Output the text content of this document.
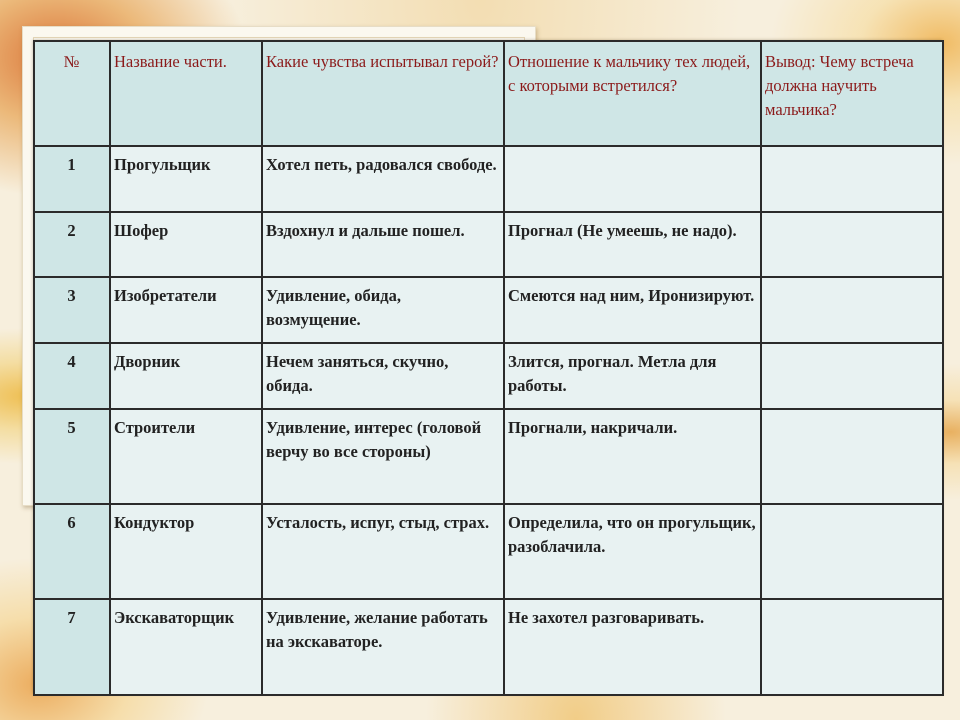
№	Название части.	Какие чувства испытывал герой?	Отношение к мальчику тех людей, с которыми встретился?	Вывод: Чему встреча должна научить мальчика?
1	Прогульщик	Хотел петь, радовался свободе.		
2	Шофер	Вздохнул и дальше пошел.	Прогнал (Не умеешь, не надо).	
3	Изобретатели	Удивление, обида, возмущение.	Смеются над ним, Иронизируют.	
4	Дворник	Нечем заняться, скучно, обида.	Злится, прогнал. Метла для работы.	
5	Строители	Удивление, интерес (головой верчу во все стороны)	Прогнали, накричали.	
6	Кондуктор	Усталость, испуг, стыд, страх.	Определила, что он прогульщик, разоблачила.	
7	Экскаваторщик	Удивление, желание работать на экскаваторе.	Не захотел разговаривать.	
